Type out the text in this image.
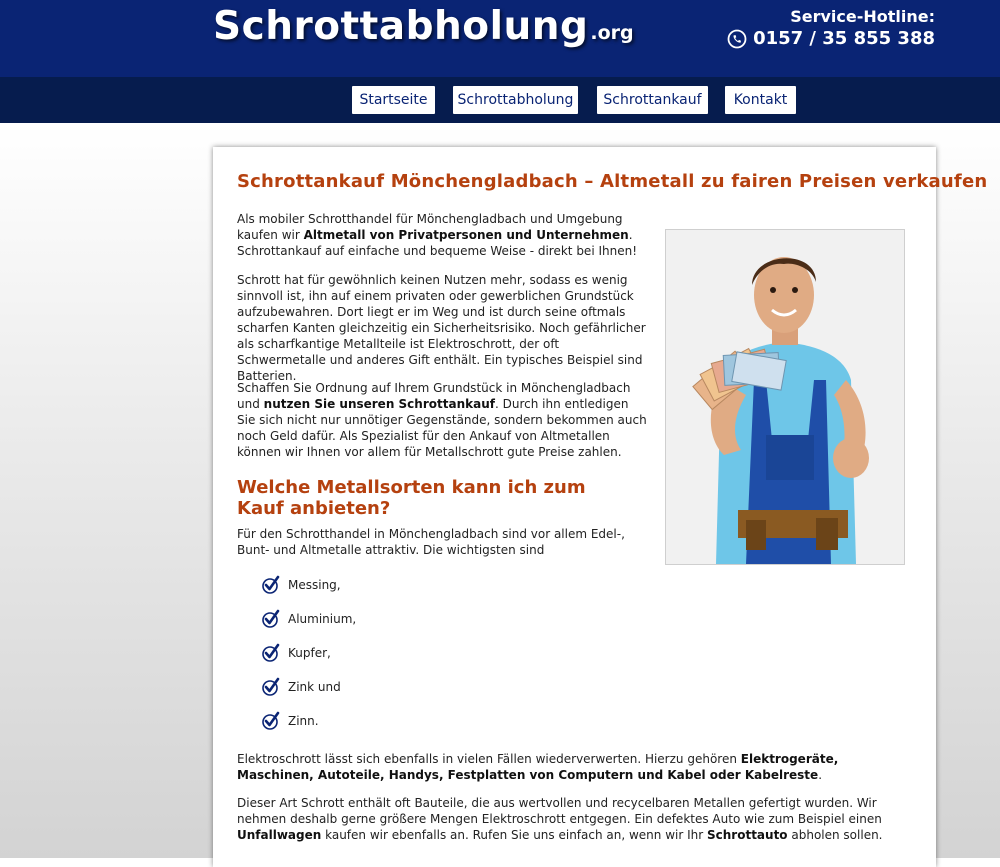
Schrottabholung .org
Service-Hotline:
0157 / 35 855 388
Startseite	Schrottabholung	Schrottankauf	Kontakt
Schrottankauf Mönchengladbach – Altmetall zu fairen Preisen verkaufen
Als mobiler Schrotthandel für Mönchengladbach und Umgebung kaufen wir Altmetall von Privatpersonen und Unternehmen. Schrottankauf auf einfache und bequeme Weise - direkt bei Ihnen!
Schrott hat für gewöhnlich keinen Nutzen mehr, sodass es wenig sinnvoll ist, ihn auf einem privaten oder gewerblichen Grundstück aufzubewahren. Dort liegt er im Weg und ist durch seine oftmals scharfen Kanten gleichzeitig ein Sicherheitsrisiko. Noch gefährlicher als scharfkantige Metallteile ist Elektroschrott, der oft Schwermetalle und anderes Gift enthält. Ein typisches Beispiel sind Batterien.
Schaffen Sie Ordnung auf Ihrem Grundstück in Mönchengladbach und nutzen Sie unseren Schrottankauf. Durch ihn entledigen Sie sich nicht nur unnötiger Gegenstände, sondern bekommen auch noch Geld dafür. Als Spezialist für den Ankauf von Altmetallen können wir Ihnen vor allem für Metallschrott gute Preise zahlen.
Welche Metallsorten kann ich zum Kauf anbieten?
Für den Schrotthandel in Mönchengladbach sind vor allem Edel-, Bunt- und Altmetalle attraktiv. Die wichtigsten sind
Messing,
Aluminium,
Kupfer,
Zink und
Zinn.
Elektroschrott lässt sich ebenfalls in vielen Fällen wiederverwerten. Hierzu gehören Elektrogeräte, Maschinen, Autoteile, Handys, Festplatten von Computern und Kabel oder Kabelreste.
Dieser Art Schrott enthält oft Bauteile, die aus wertvollen und recycelbaren Metallen gefertigt wurden. Wir nehmen deshalb gerne größere Mengen Elektroschrott entgegen. Ein defektes Auto wie zum Beispiel einen Unfallwagen kaufen wir ebenfalls an. Rufen Sie uns einfach an, wenn wir Ihr Schrottauto abholen sollen.
